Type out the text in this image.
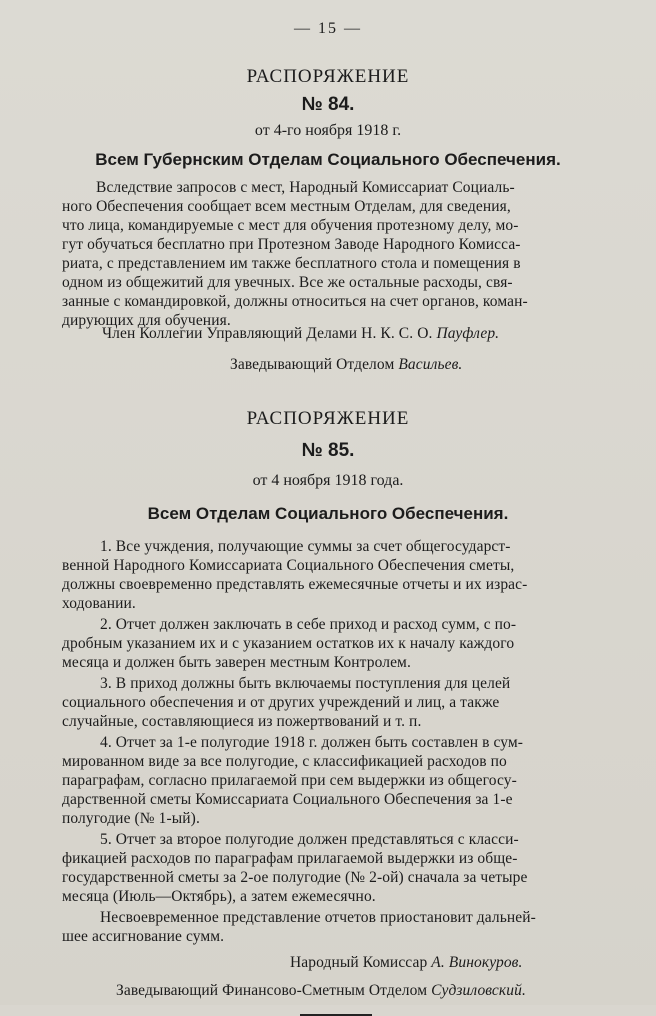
— 15 —
РАСПОРЯЖЕНИЕ
№ 84.
от 4-го ноября 1918 г.
Всем Губернским Отделам Социального Обеспечения.
Вследствие запросов с мест, Народный Комиссариат Социаль-
ного Обеспечения сообщает всем местным Отделам, для сведения,
что лица, командируемые с мест для обучения протезному делу, мо-
гут обучаться бесплатно при Протезном Заводе Народного Комисса-
риата, с представлением им также бесплатного стола и помещения в
одном из общежитий для увечных. Все же остальные расходы, свя-
занные с командировкой, должны относиться на счет органов, коман-
дирующих для обучения.
Член Коллегии Управляющий Делами Н. К. С. О. Пауфлер.
Заведывающий Отделом Васильев.
РАСПОРЯЖЕНИЕ
№ 85.
от 4 ноября 1918 года.
Всем Отделам Социального Обеспечения.
1. Все учждения, получающие суммы за счет общегосударст-
венной Народного Комиссариата Социального Обеспечения сметы,
должны своевременно представлять ежемесячные отчеты и их израс-
ходовании.
2. Отчет должен заключать в себе приход и расход сумм, с по-
дробным указанием их и с указанием остатков их к началу каждого
месяца и должен быть заверен местным Контролем.
3. В приход должны быть включаемы поступления для целей
социального обеспечения и от других учреждений и лиц, а также
случайные, составляющиеся из пожертвований и т. п.
4. Отчет за 1-е полугодие 1918 г. должен быть составлен в сум-
мированном виде за все полугодие, с классификацией расходов по
параграфам, согласно прилагаемой при сем выдержки из общегосу-
дарственной сметы Комиссариата Социального Обеспечения за 1-е
полугодие (№ 1-ый).
5. Отчет за второе полугодие должен представляться с класси-
фикацией расходов по параграфам прилагаемой выдержки из обще-
государственной сметы за 2-ое полугодие (№ 2-ой) сначала за четыре
месяца (Июль—Октябрь), а затем ежемесячно.
Несвоевременное представление отчетов приостановит дальней-
шее ассигнование сумм.
Народный Комиссар А. Винокуров.
Заведывающий Финансово-Сметным Отделом Судзиловский.
